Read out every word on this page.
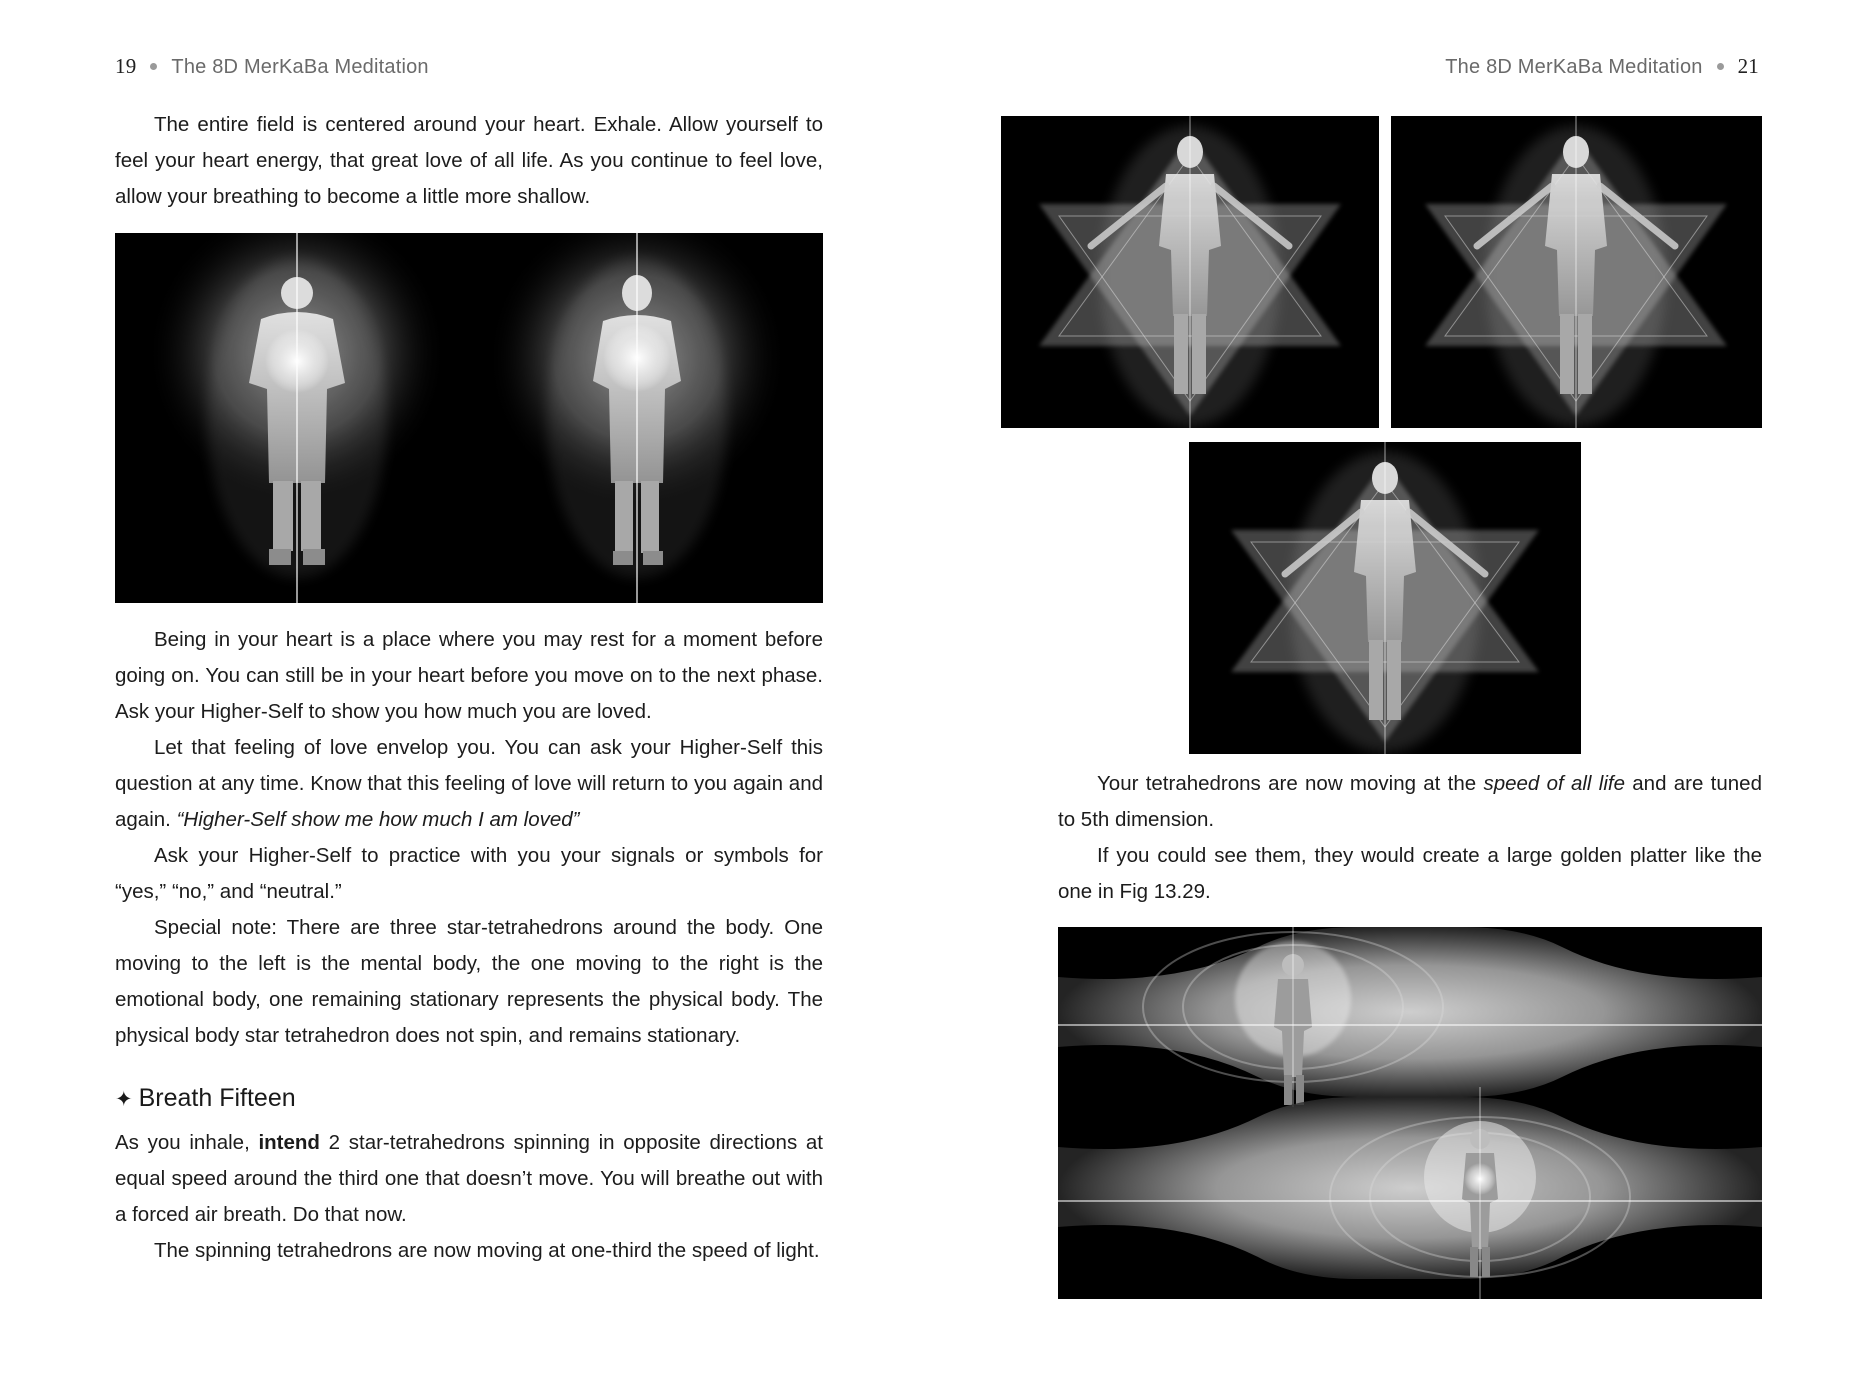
19 The 8D MerKaBa Meditation

The entire field is centered around your heart. Exhale. Allow yourself to feel your heart energy, that great love of all life. As you continue to feel love, allow your breathing to become a little more shallow.

Being in your heart is a place where you may rest for a moment before going on. You can still be in your heart before you move on to the next phase. Ask your Higher-Self to show you how much you are loved.

Let that feeling of love envelop you. You can ask your Higher-Self this question at any time. Know that this feeling of love will return to you again and again. “Higher-Self show me how much I am loved”

Ask your Higher-Self to practice with you your signals or symbols for “yes,” “no,” and “neutral.”

Special note: There are three star-tetrahedrons around the body. One moving to the left is the mental body, the one moving to the right is the emotional body, one remaining stationary represents the physical body. The physical body star tetrahedron does not spin, and remains stationary.

✦ Breath Fifteen

As you inhale, intend 2 star-tetrahedrons spinning in opposite directions at equal speed around the third one that doesn’t move. You will breathe out with a forced air breath. Do that now.

The spinning tetrahedrons are now moving at one-third the speed of light.

The 8D MerKaBa Meditation 21

Your tetrahedrons are now moving at the speed of all life and are tuned to 5th dimension.

If you could see them, they would create a large golden platter like the one in Fig 13.29.
